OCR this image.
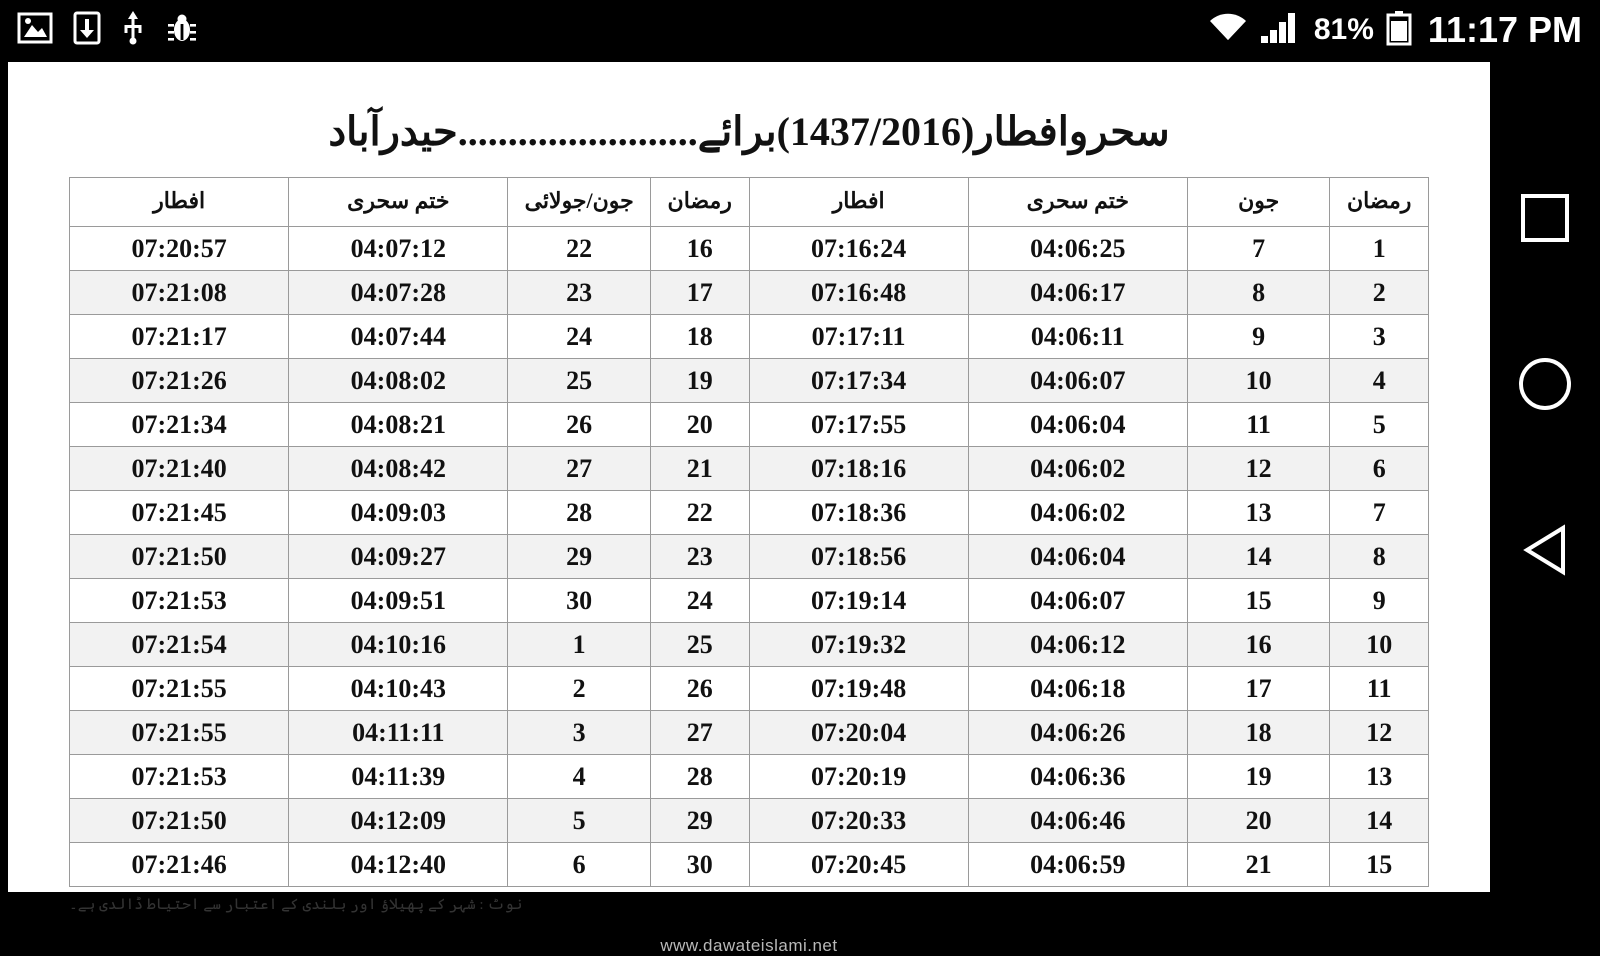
81% 11:17 PM
سحروافطار(1437/2016)برائے........................حیدرآباد
رمضان	جون	ختم سحری	افطار	رمضان	جون/جولائی	ختم سحری	افطار
1	7	04:06:25	07:16:24	16	22	04:07:12	07:20:57
2	8	04:06:17	07:16:48	17	23	04:07:28	07:21:08
3	9	04:06:11	07:17:11	18	24	04:07:44	07:21:17
4	10	04:06:07	07:17:34	19	25	04:08:02	07:21:26
5	11	04:06:04	07:17:55	20	26	04:08:21	07:21:34
6	12	04:06:02	07:18:16	21	27	04:08:42	07:21:40
7	13	04:06:02	07:18:36	22	28	04:09:03	07:21:45
8	14	04:06:04	07:18:56	23	29	04:09:27	07:21:50
9	15	04:06:07	07:19:14	24	30	04:09:51	07:21:53
10	16	04:06:12	07:19:32	25	1	04:10:16	07:21:54
11	17	04:06:18	07:19:48	26	2	04:10:43	07:21:55
12	18	04:06:26	07:20:04	27	3	04:11:11	07:21:55
13	19	04:06:36	07:20:19	28	4	04:11:39	07:21:53
14	20	04:06:46	07:20:33	29	5	04:12:09	07:21:50
15	21	04:06:59	07:20:45	30	6	04:12:40	07:21:46
نوٹ : شہر کے پھیلاؤ اور بلندی کے اعتبار سے احتیاط ڈالدی ہے۔
www.dawateislami.net
